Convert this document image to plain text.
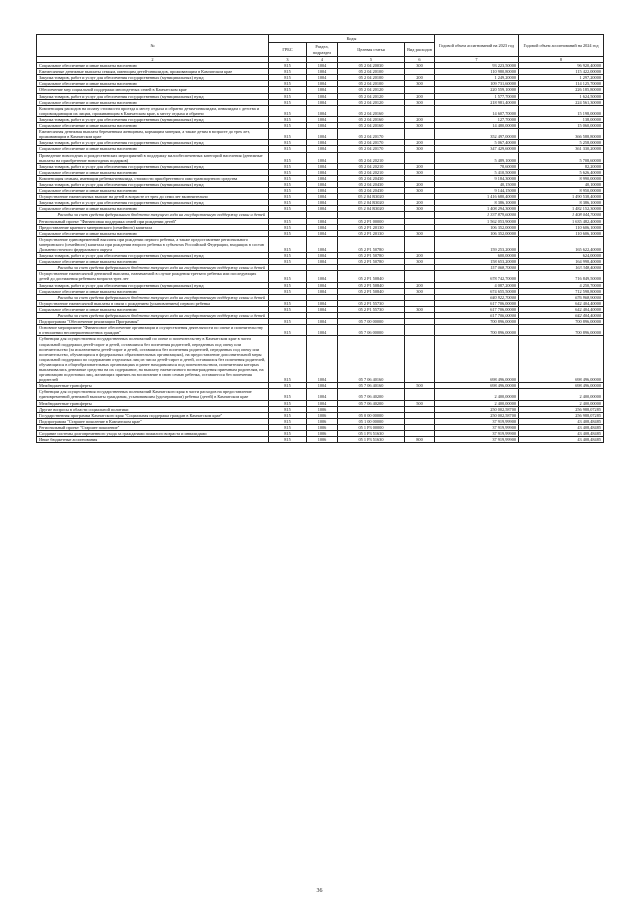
№	Коды				Годовой объем ассигнований на 2023 год	Годовой объем ассигнований на 2024 год
	ГРБС	Раздел, подраздел	Целевая статья	Вид расходов		
2	3	4	5	6	7	8
Социальное обеспечение и иные выплаты населению	815	1004	05 2 04 20030	300	93 223,50000	96 920,40000
Ежемесячные денежные выплаты семьям, имеющим детей-инвалидов, проживающим в Камчатском крае	815	1004	05 2 04 20100		110 980,80000	115 422,00000
Закупка товаров, работ и услуг для обеспечения государственных (муниципальных) нужд	815	1004	05 2 04 20100	200	1 249,20000	1 297,20000
Социальное обеспечение и иные выплаты населению	815	1004	05 2 04 20100	300	109 731,60000	114 125,70000
Обеспечение мер социальной поддержки многодетных семей в Камчатском крае	815	1004	05 2 04 20120		220 559,10000	226 185,80000
Закупка товаров, работ и услуг для обеспечения государственных (муниципальных) нужд	815	1004	05 2 04 20120	200	1 577,70000	1 624,50000
Социальное обеспечение и иные выплаты населению	815	1004	05 2 04 20120	300	218 981,40000	224 561,30000
Компенсация расходов на оплату стоимости проезда к месту отдыха и обратно детям-инвалидам, инвалидам с детства и сопровождающим их лицам, проживающим в Камчатском крае, к месту отдыха и обратно	815	1004	05 2 04 20160		14 607,70000	15 198,00000
Закупка товаров, работ и услуг для обеспечения государственных (муниципальных) нужд	815	1004	05 2 04 20160	200	127,70000	138,00000
Социальное обеспечение и иные выплаты населению	815	1004	05 2 04 20160	300	14 480,00000	15 060,00000
Ежемесячная денежная выплата беременным женщинам, кормящим матерям, а также детям в возрасте до трех лет, проживающим в Камчатском крае	815	1004	05 2 04 20170		352 497,00000	366 588,80000
Закупка товаров, работ и услуг для обеспечения государственных (муниципальных) нужд	815	1004	05 2 04 20170	200	5 067,40000	5 258,00000
Социальное обеспечение и иные выплаты населению	815	1004	05 2 04 20170	300	347 429,60000	361 330,20000
Проведение новогодних и рождественских мероприятий в поддержку малообеспеченных категорий населения (денежные выплаты на приобретение новогодних подарков)	815	1004	05 2 04 20210		5 489,10000	5 708,60000
Закупка товаров, работ и услуг для обеспечения государственных (муниципальных) нужд	815	1004	05 2 04 20210	200	78,60000	82,20000
Социальное обеспечение и иные выплаты населению	815	1004	05 2 04 20210	300	5 410,50000	5 626,40000
Компенсация семьям, имеющим ребенка-инвалида, стоимости приобретенного ими транспортного средства	815	1004	05 2 04 20430		9 184,30000	8 990,00000
Закупка товаров, работ и услуг для обеспечения государственных (муниципальных) нужд	815	1004	05 2 04 20430	200	40,15000	40,10000
Социальное обеспечение и иные выплаты населению	815	1004	05 2 04 20430	300	9 144,15000	8 950,00000
Осуществление ежемесячных выплат на детей в возрасте от трех до семи лет включительно	815	1004	05 2 04 R3020		1 416 680,40000	1 490 538,40000
Закупка товаров, работ и услуг для обеспечения государственных (муниципальных) нужд	815	1004	05 2 04 R3020	200	8 386,10000	8 386,10000
Социальное обеспечение и иные выплаты населению	815	1004	05 2 04 R3020	300	1 408 294,30000	1 482 152,30000
Расходы за счет средств федерального бюджета текущего года на государственную поддержку семьи и детей					1 337 879,60000	1 408 044,70000
Региональный проект "Финансовая поддержка семей при рождении детей"	815	1004	05 2 P1 00000		1 562 053,90000	1 635 482,40000
Предоставление краевого материнского (семейного) капитала	815	1004	05 2 P1 20130		106 352,00000	110 606,10000
Социальное обеспечение и иные выплаты населению	815	1004	05 2 P1 20130	300	106 352,00000	110 606,10000
Осуществление единовременной выплаты при рождении первого ребенка, а также предоставление регионального материнского (семейного) капитала при рождении второго ребенка в субъектах Российской Федерации, входящих в состав Дальневосточного федерального округа	815	1004	05 2 P1 50780		159 253,20000	165 622,40000
Закупка товаров, работ и услуг для обеспечения государственных (муниципальных) нужд	815	1004	05 2 P1 50780	200	600,00000	624,00000
Социальное обеспечение и иные выплаты населению	815	1004	05 2 P1 50780	300	158 653,20000	164 998,40000
Расходы за счет средств федерального бюджета текущего года на государственную поддержку семьи и детей					157 068,70000	163 348,40000
Осуществление ежемесячной денежной выплаты, назначаемой в случае рождения третьего ребенка или последующих детей до достижения ребенком возраста трех лет	815	1004	05 2 P1 50840		678 742,70000	716 849,50000
Закупка товаров, работ и услуг для обеспечения государственных (муниципальных) нужд	815	1004	05 2 P1 50840	200	4 087,20000	4 250,70000
Социальное обеспечение и иные выплаты населению	815	1004	05 2 P1 50840	300	674 655,50000	712 598,80000
Расходы за счет средств федерального бюджета текущего года на государственную поддержку семьи и детей					640 922,70000	676 968,90000
Осуществление ежемесячной выплаты в связи с рождением (усыновлением) первого ребенка	815	1004	05 2 P1 55730		617 706,00000	642 404,40000
Социальное обеспечение и иные выплаты населению	815	1004	05 2 P1 55730	300	617 706,00000	642 404,40000
Расходы за счет средств федерального бюджета текущего года на государственную поддержку семьи и детей					617 706,00000	642 404,40000
Подпрограмма "Обеспечение реализации Программы"	815	1004	05 7 00 00000		700 896,00000	700 896,00000
Основное мероприятие "Финансовое обеспечение организации и осуществления деятельности по опеке и попечительству в отношении несовершеннолетних граждан"	815	1004	05 7 06 00000		700 896,00000	700 896,00000
Субвенции для осуществления государственных полномочий по опеке и попечительству в Камчатском крае в части социальной поддержки детей-сирот и детей, оставшихся без попечения родителей, переданных под опеку или попечительство (за исключением детей-сирот и детей, оставшихся без попечения родителей, переданных под опеку или попечительство, обучающихся в федеральных образовательных организациях), на предоставление дополнительной меры социальной поддержки по содержанию отдельных лиц из числа детей-сирот и детей, оставшихся без попечения родителей, обучающихся в общеобразовательных организациях и ранее находившихся под попечительством, попечителям которых выплачивались денежные средства на их содержание, на выплату ежемесячного вознаграждения приемным родителям, на организацию подготовки лиц, желающих принять на воспитание в свою семью ребенка, оставшегося без попечения родителей	815	1004	05 7 06 40160		698 496,00000	698 496,00000
Межбюджетные трансферты	815	1004	05 7 06 40160	500	698 496,00000	698 496,00000
Субвенции для осуществления государственных полномочий Камчатского края в части расходов на предоставление единовременной денежной выплаты гражданам, усыновившим (удочерившим) ребенка (детей) в Камчатском крае	815	1004	05 7 06 40200		2 400,00000	2 400,00000
Межбюджетные трансферты	815	1004	05 7 06 40200	500	2 400,00000	2 400,00000
Другие вопросы в области социальной политики	815	1006			250 002,58700	256 988,07285
Государственная программа Камчатского края "Социальная поддержка граждан в Камчатском крае"	815	1006	05 0 00 00000		250 002,58700	256 988,07285
Подпрограмма "Старшее поколение в Камчатском крае"	815	1006	05 1 00 00000		37 919,99900	43 408,48485
Региональный проект "Старшее поколение"	815	1006	05 1 P3 00000		37 919,99900	43 408,48485
Создание системы долговременного ухода за гражданами пожилого возраста и инвалидами	815	1006	05 1 P3 51630		37 919,99900	43 408,48485
Иные бюджетные ассигнования	815	1006	05 1 P3 51630	800	37 919,99900	43 408,48485
36
